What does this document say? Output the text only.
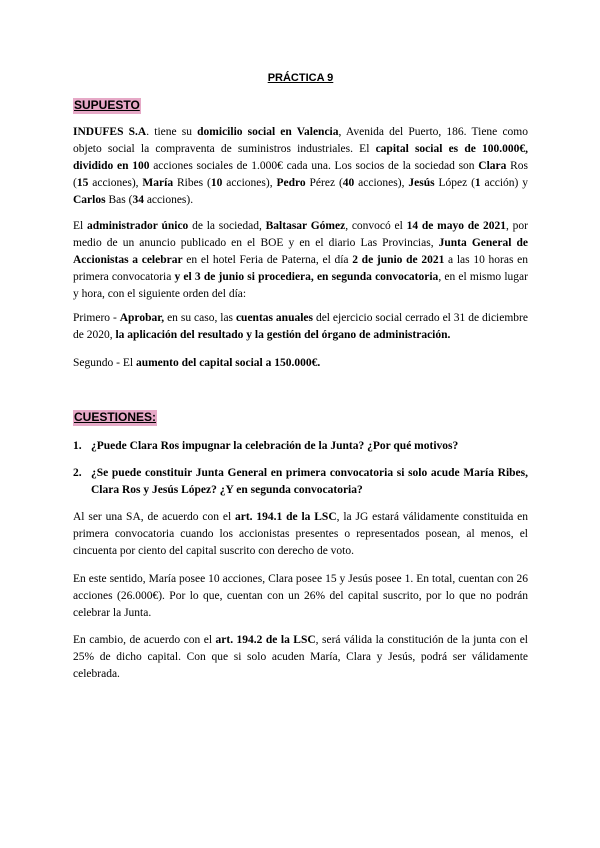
PRÁCTICA 9
SUPUESTO
INDUFES S.A. tiene su domicilio social en Valencia, Avenida del Puerto, 186. Tiene como objeto social la compraventa de suministros industriales. El capital social es de 100.000€, dividido en 100 acciones sociales de 1.000€ cada una. Los socios de la sociedad son Clara Ros (15 acciones), María Ribes (10 acciones), Pedro Pérez (40 acciones), Jesús López (1 acción) y Carlos Bas (34 acciones).
El administrador único de la sociedad, Baltasar Gómez, convocó el 14 de mayo de 2021, por medio de un anuncio publicado en el BOE y en el diario Las Provincias, Junta General de Accionistas a celebrar en el hotel Feria de Paterna, el día 2 de junio de 2021 a las 10 horas en primera convocatoria y el 3 de junio si procediera, en segunda convocatoria, en el mismo lugar y hora, con el siguiente orden del día:
Primero - Aprobar, en su caso, las cuentas anuales del ejercicio social cerrado el 31 de diciembre de 2020, la aplicación del resultado y la gestión del órgano de administración.
Segundo - El aumento del capital social a 150.000€.
CUESTIONES:
1. ¿Puede Clara Ros impugnar la celebración de la Junta? ¿Por qué motivos?
2. ¿Se puede constituir Junta General en primera convocatoria si solo acude María Ribes, Clara Ros y Jesús López? ¿Y en segunda convocatoria?
Al ser una SA, de acuerdo con el art. 194.1 de la LSC, la JG estará válidamente constituida en primera convocatoria cuando los accionistas presentes o representados posean, al menos, el cincuenta por ciento del capital suscrito con derecho de voto.
En este sentido, María posee 10 acciones, Clara posee 15 y Jesús posee 1. En total, cuentan con 26 acciones (26.000€). Por lo que, cuentan con un 26% del capital suscrito, por lo que no podrán celebrar la Junta.
En cambio, de acuerdo con el art. 194.2 de la LSC, será válida la constitución de la junta con el 25% de dicho capital. Con que si solo acuden María, Clara y Jesús, podrá ser válidamente celebrada.
